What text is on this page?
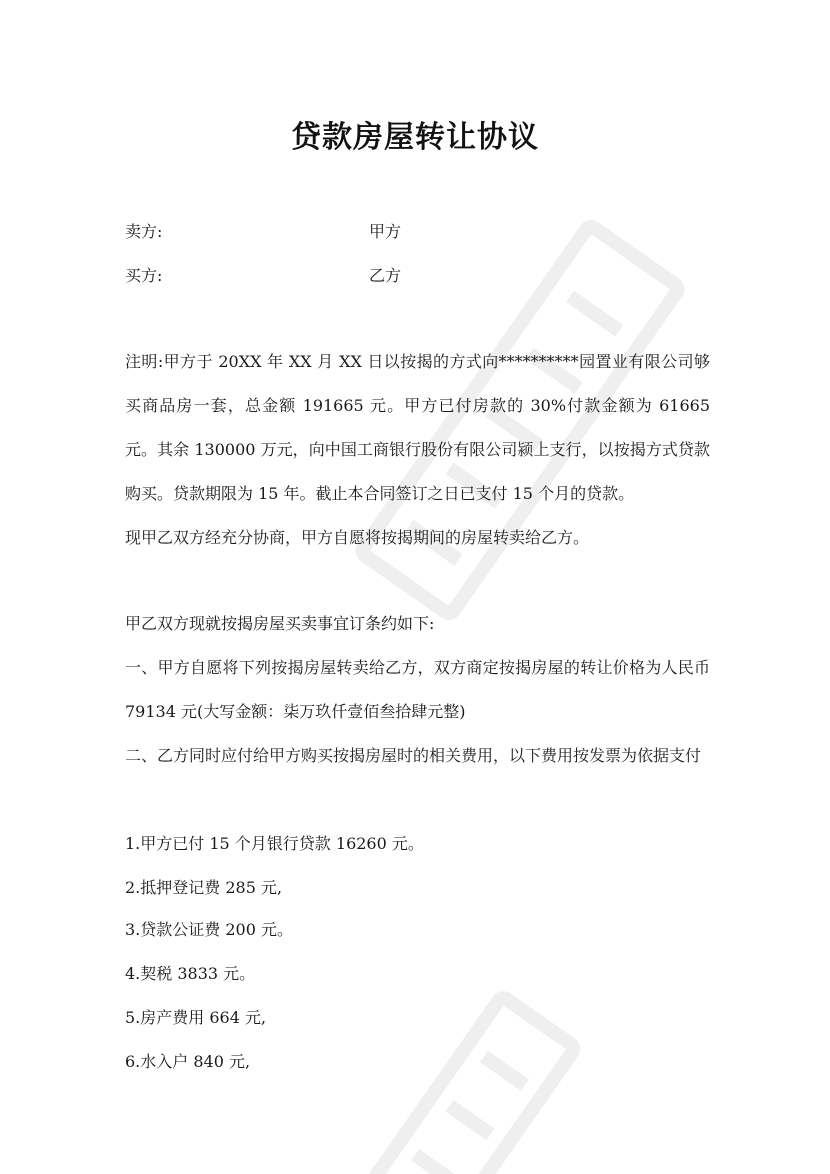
贷款房屋转让协议
卖方:	甲方
买方:	乙方
注明:甲方于 20XX 年 XX 月 XX 日以按揭的方式向**********园置业有限公司够买商品房一套，总金额 191665 元。甲方已付房款的 30%付款金额为 61665 元。其余 130000 万元，向中国工商银行股份有限公司颍上支行，以按揭方式贷款购买。贷款期限为 15 年。截止本合同签订之日已支付 15 个月的贷款。
现甲乙双方经充分协商，甲方自愿将按揭期间的房屋转卖给乙方。
甲乙双方现就按揭房屋买卖事宜订条约如下:
一、甲方自愿将下列按揭房屋转卖给乙方，双方商定按揭房屋的转让价格为人民币 79134 元(大写金额：柒万玖仟壹佰叁拾肆元整)
二、乙方同时应付给甲方购买按揭房屋时的相关费用，以下费用按发票为依据支付
1.甲方已付 15 个月银行贷款 16260 元。
2.抵押登记费 285 元,
3.贷款公证费 200 元。
4.契税 3833 元。
5.房产费用 664 元,
6.水入户 840 元,
